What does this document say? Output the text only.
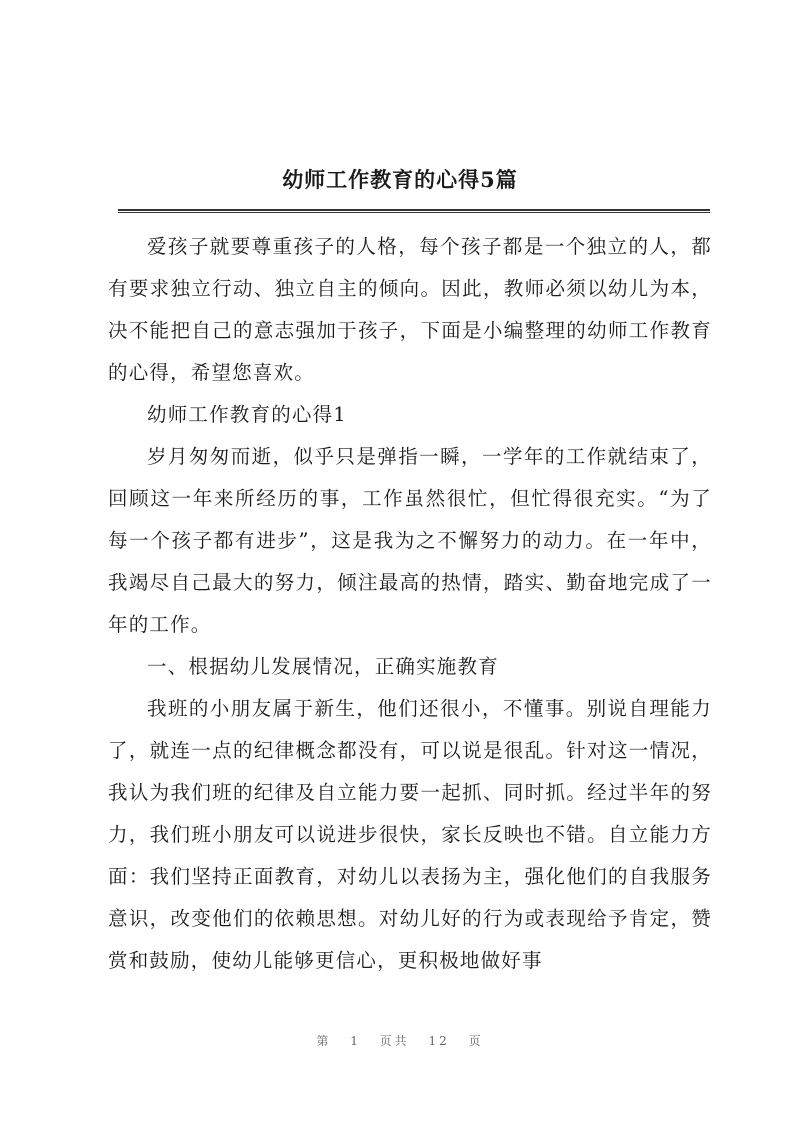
幼师工作教育的心得5篇

爱孩子就要尊重孩子的人格，每个孩子都是一个独立的人，都有要求独立行动、独立自主的倾向。因此，教师必须以幼儿为本，决不能把自己的意志强加于孩子，下面是小编整理的幼师工作教育的心得，希望您喜欢。

幼师工作教育的心得1

岁月匆匆而逝，似乎只是弹指一瞬，一学年的工作就结束了，回顾这一年来所经历的事，工作虽然很忙，但忙得很充实。“为了每一个孩子都有进步”，这是我为之不懈努力的动力。在一年中，我竭尽自己最大的努力，倾注最高的热情，踏实、勤奋地完成了一年的工作。

一、根据幼儿发展情况，正确实施教育

我班的小朋友属于新生，他们还很小，不懂事。别说自理能力了，就连一点的纪律概念都没有，可以说是很乱。针对这一情况，我认为我们班的纪律及自立能力要一起抓、同时抓。经过半年的努力，我们班小朋友可以说进步很快，家长反映也不错。自立能力方面：我们坚持正面教育，对幼儿以表扬为主，强化他们的自我服务意识，改变他们的依赖思想。对幼儿好的行为或表现给予肯定，赞赏和鼓励，使幼儿能够更信心，更积极地做好事

第 1 页共 12 页
